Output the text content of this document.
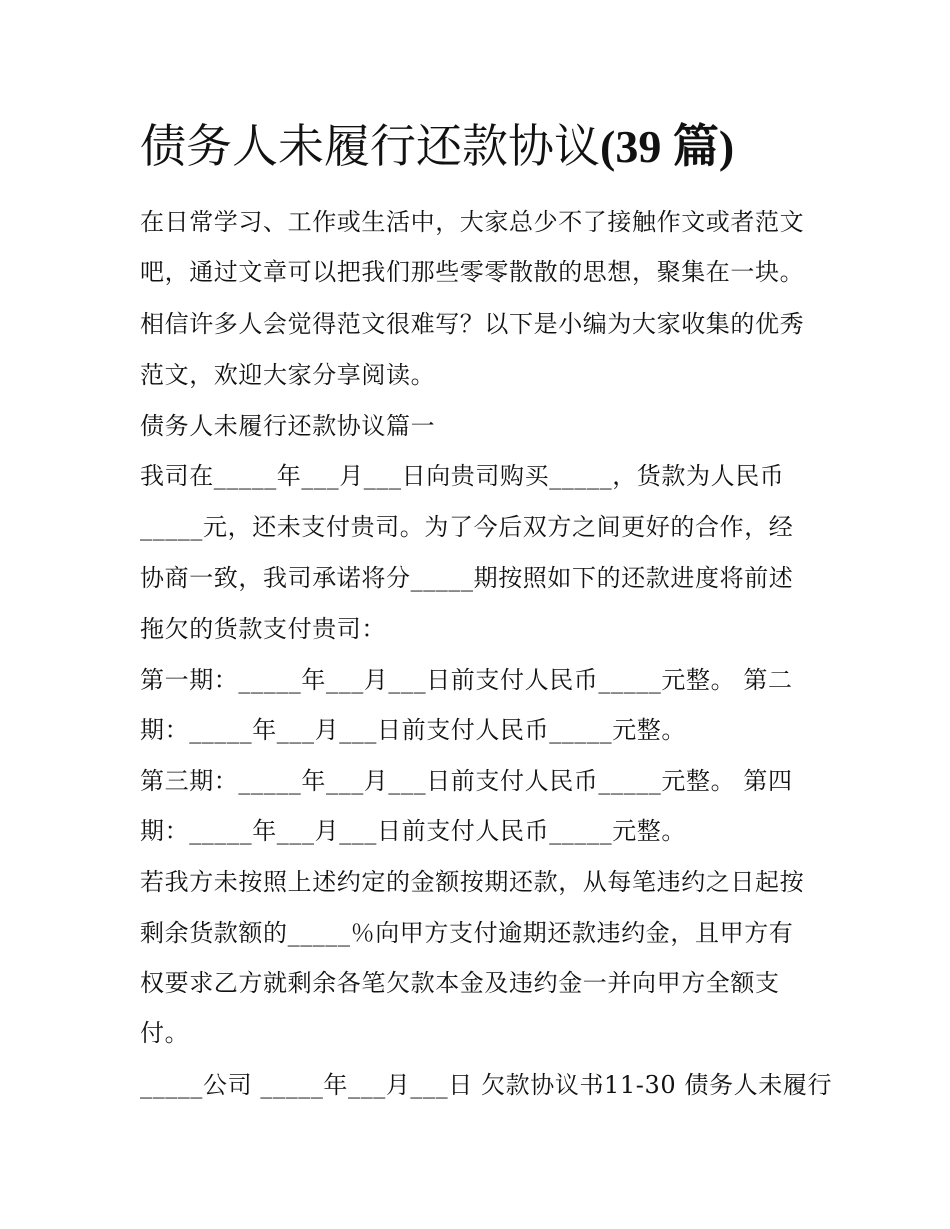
债务人未履行还款协议(39 篇)
在日常学习、工作或生活中，大家总少不了接触作文或者范文
吧，通过文章可以把我们那些零零散散的思想，聚集在一块。
相信许多人会觉得范文很难写？以下是小编为大家收集的优秀
范文，欢迎大家分享阅读。
债务人未履行还款协议篇一
我司在_____年___月___日向贵司购买_____，货款为人民币
_____元，还未支付贵司。为了今后双方之间更好的合作，经
协商一致，我司承诺将分_____期按照如下的还款进度将前述
拖欠的货款支付贵司：
第一期：_____年___月___日前支付人民币_____元整。 第二
期：_____年___月___日前支付人民币_____元整。
第三期：_____年___月___日前支付人民币_____元整。 第四
期：_____年___月___日前支付人民币_____元整。
若我方未按照上述约定的金额按期还款，从每笔违约之日起按
剩余货款额的_____％向甲方支付逾期还款违约金，且甲方有
权要求乙方就剩余各笔欠款本金及违约金一并向甲方全额支
付。
_____公司 _____年___月___日 欠款协议书11-30 债务人未履行
